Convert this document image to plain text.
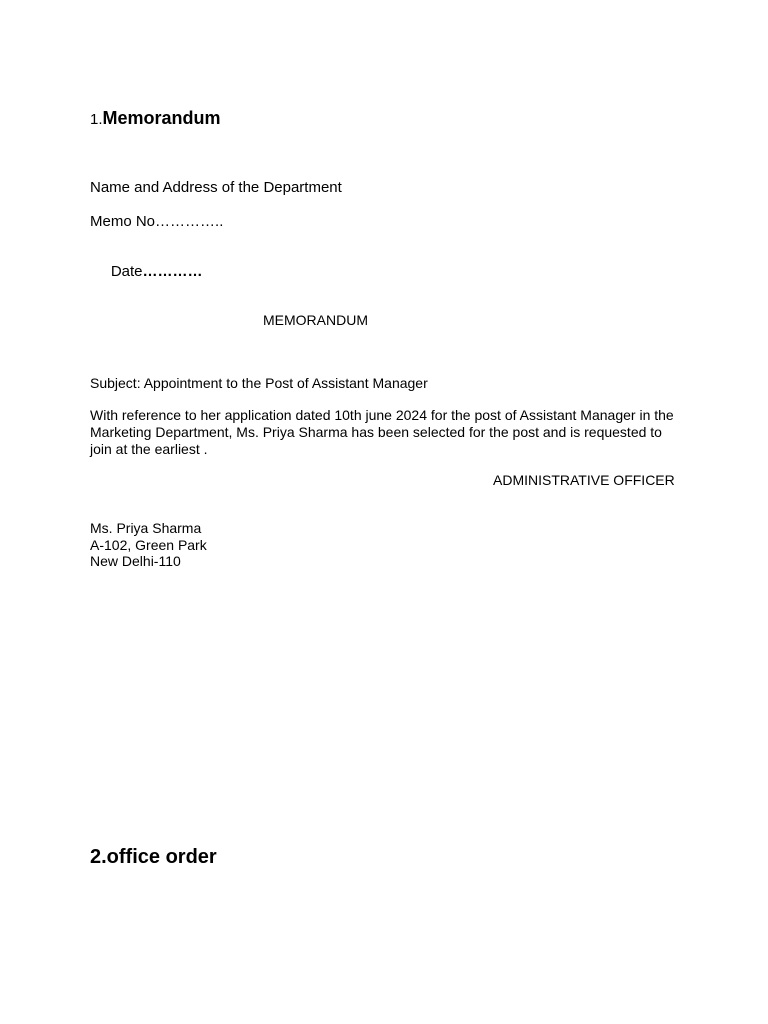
1.Memorandum
Name and Address of the Department
Memo No…………..

Date…………

MEMORANDUM
Subject: Appointment to the Post of Assistant Manager
With reference to her application dated 10th june 2024 for the post of Assistant Manager in the Marketing Department, Ms. Priya Sharma has been selected for the post and is requested to join at the earliest .
ADMINISTRATIVE OFFICER
Ms. Priya Sharma
A-102, Green Park
New Delhi-110
2.office order
